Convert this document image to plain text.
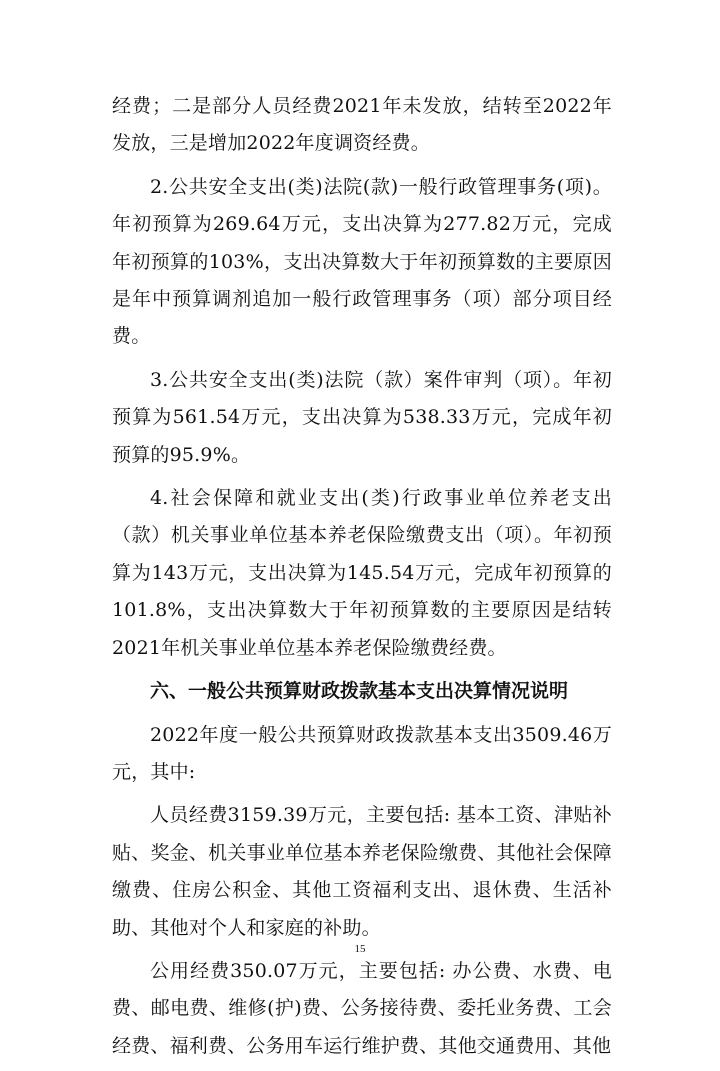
经费；二是部分人员经费2021年未发放，结转至2022年发放，三是增加2022年度调资经费。

2.公共安全支出(类)法院(款)一般行政管理事务(项)。年初预算为269.64万元，支出决算为277.82万元，完成年初预算的103%，支出决算数大于年初预算数的主要原因是年中预算调剂追加一般行政管理事务（项）部分项目经费。

3.公共安全支出(类)法院（款）案件审判（项）。年初预算为561.54万元，支出决算为538.33万元，完成年初预算的95.9%。

4.社会保障和就业支出(类)行政事业单位养老支出（款）机关事业单位基本养老保险缴费支出（项）。年初预算为143万元，支出决算为145.54万元，完成年初预算的101.8%，支出决算数大于年初预算数的主要原因是结转2021年机关事业单位基本养老保险缴费经费。

六、一般公共预算财政拨款基本支出决算情况说明

2022年度一般公共预算财政拨款基本支出3509.46万元，其中:

人员经费3159.39万元，主要包括: 基本工资、津贴补贴、奖金、机关事业单位基本养老保险缴费、其他社会保障缴费、住房公积金、其他工资福利支出、退休费、生活补助、其他对个人和家庭的补助。

公用经费350.07万元，主要包括: 办公费、水费、电费、邮电费、维修(护)费、公务接待费、委托业务费、工会经费、福利费、公务用车运行维护费、其他交通费用、其他

15
